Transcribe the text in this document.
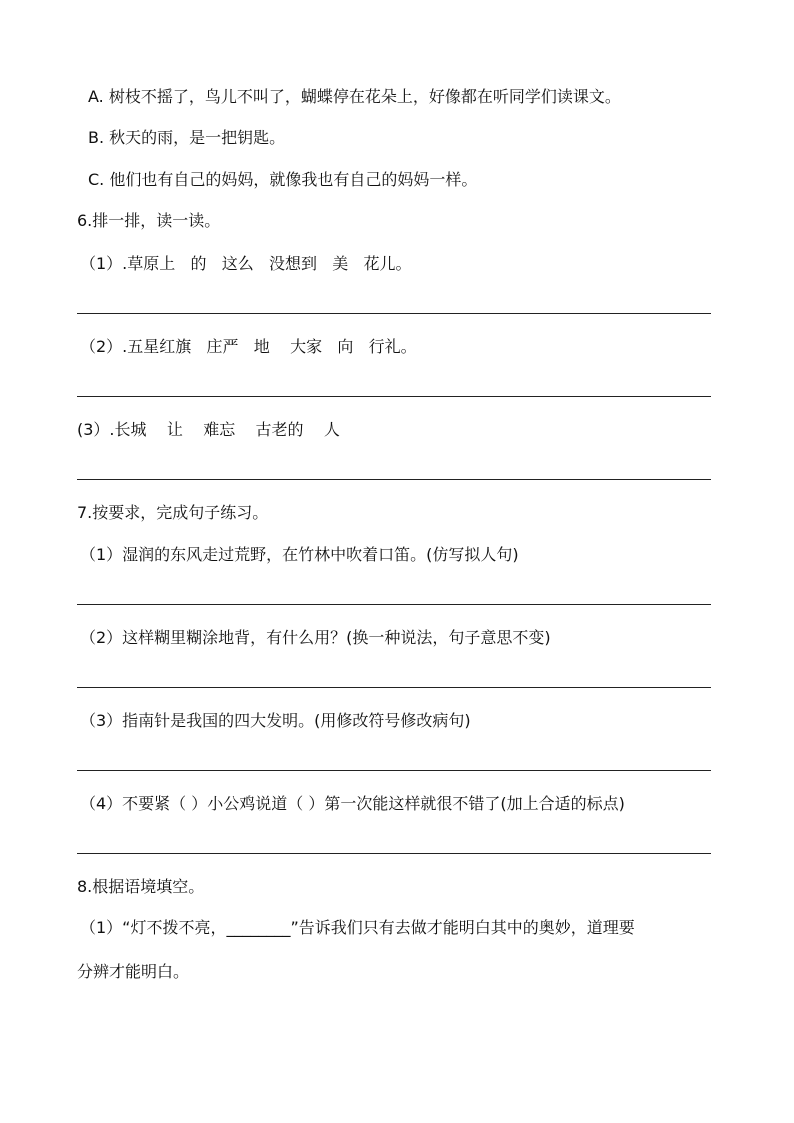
A. 树枝不摇了，鸟儿不叫了，蝴蝶停在花朵上，好像都在听同学们读课文。
B. 秋天的雨，是一把钥匙。
C. 他们也有自己的妈妈，就像我也有自己的妈妈一样。
6.排一排，读一读。
（1）.草原上   的   这么   没想到   美   花儿。
（2）.五星红旗   庄严   地    大家   向   行礼。
(3）.长城    让    难忘    古老的    人
7.按要求，完成句子练习。
（1）湿润的东风走过荒野，在竹林中吹着口笛。(仿写拟人句)
（2）这样糊里糊涂地背，有什么用？(换一种说法，句子意思不变)
（3）指南针是我国的四大发明。(用修改符号修改病句)
（4）不要紧（ ）小公鸡说道（ ）第一次能这样就很不错了(加上合适的标点)
8.根据语境填空。
（1）“灯不拨不亮，________”告诉我们只有去做才能明白其中的奥妙，道理要
分辨才能明白。
